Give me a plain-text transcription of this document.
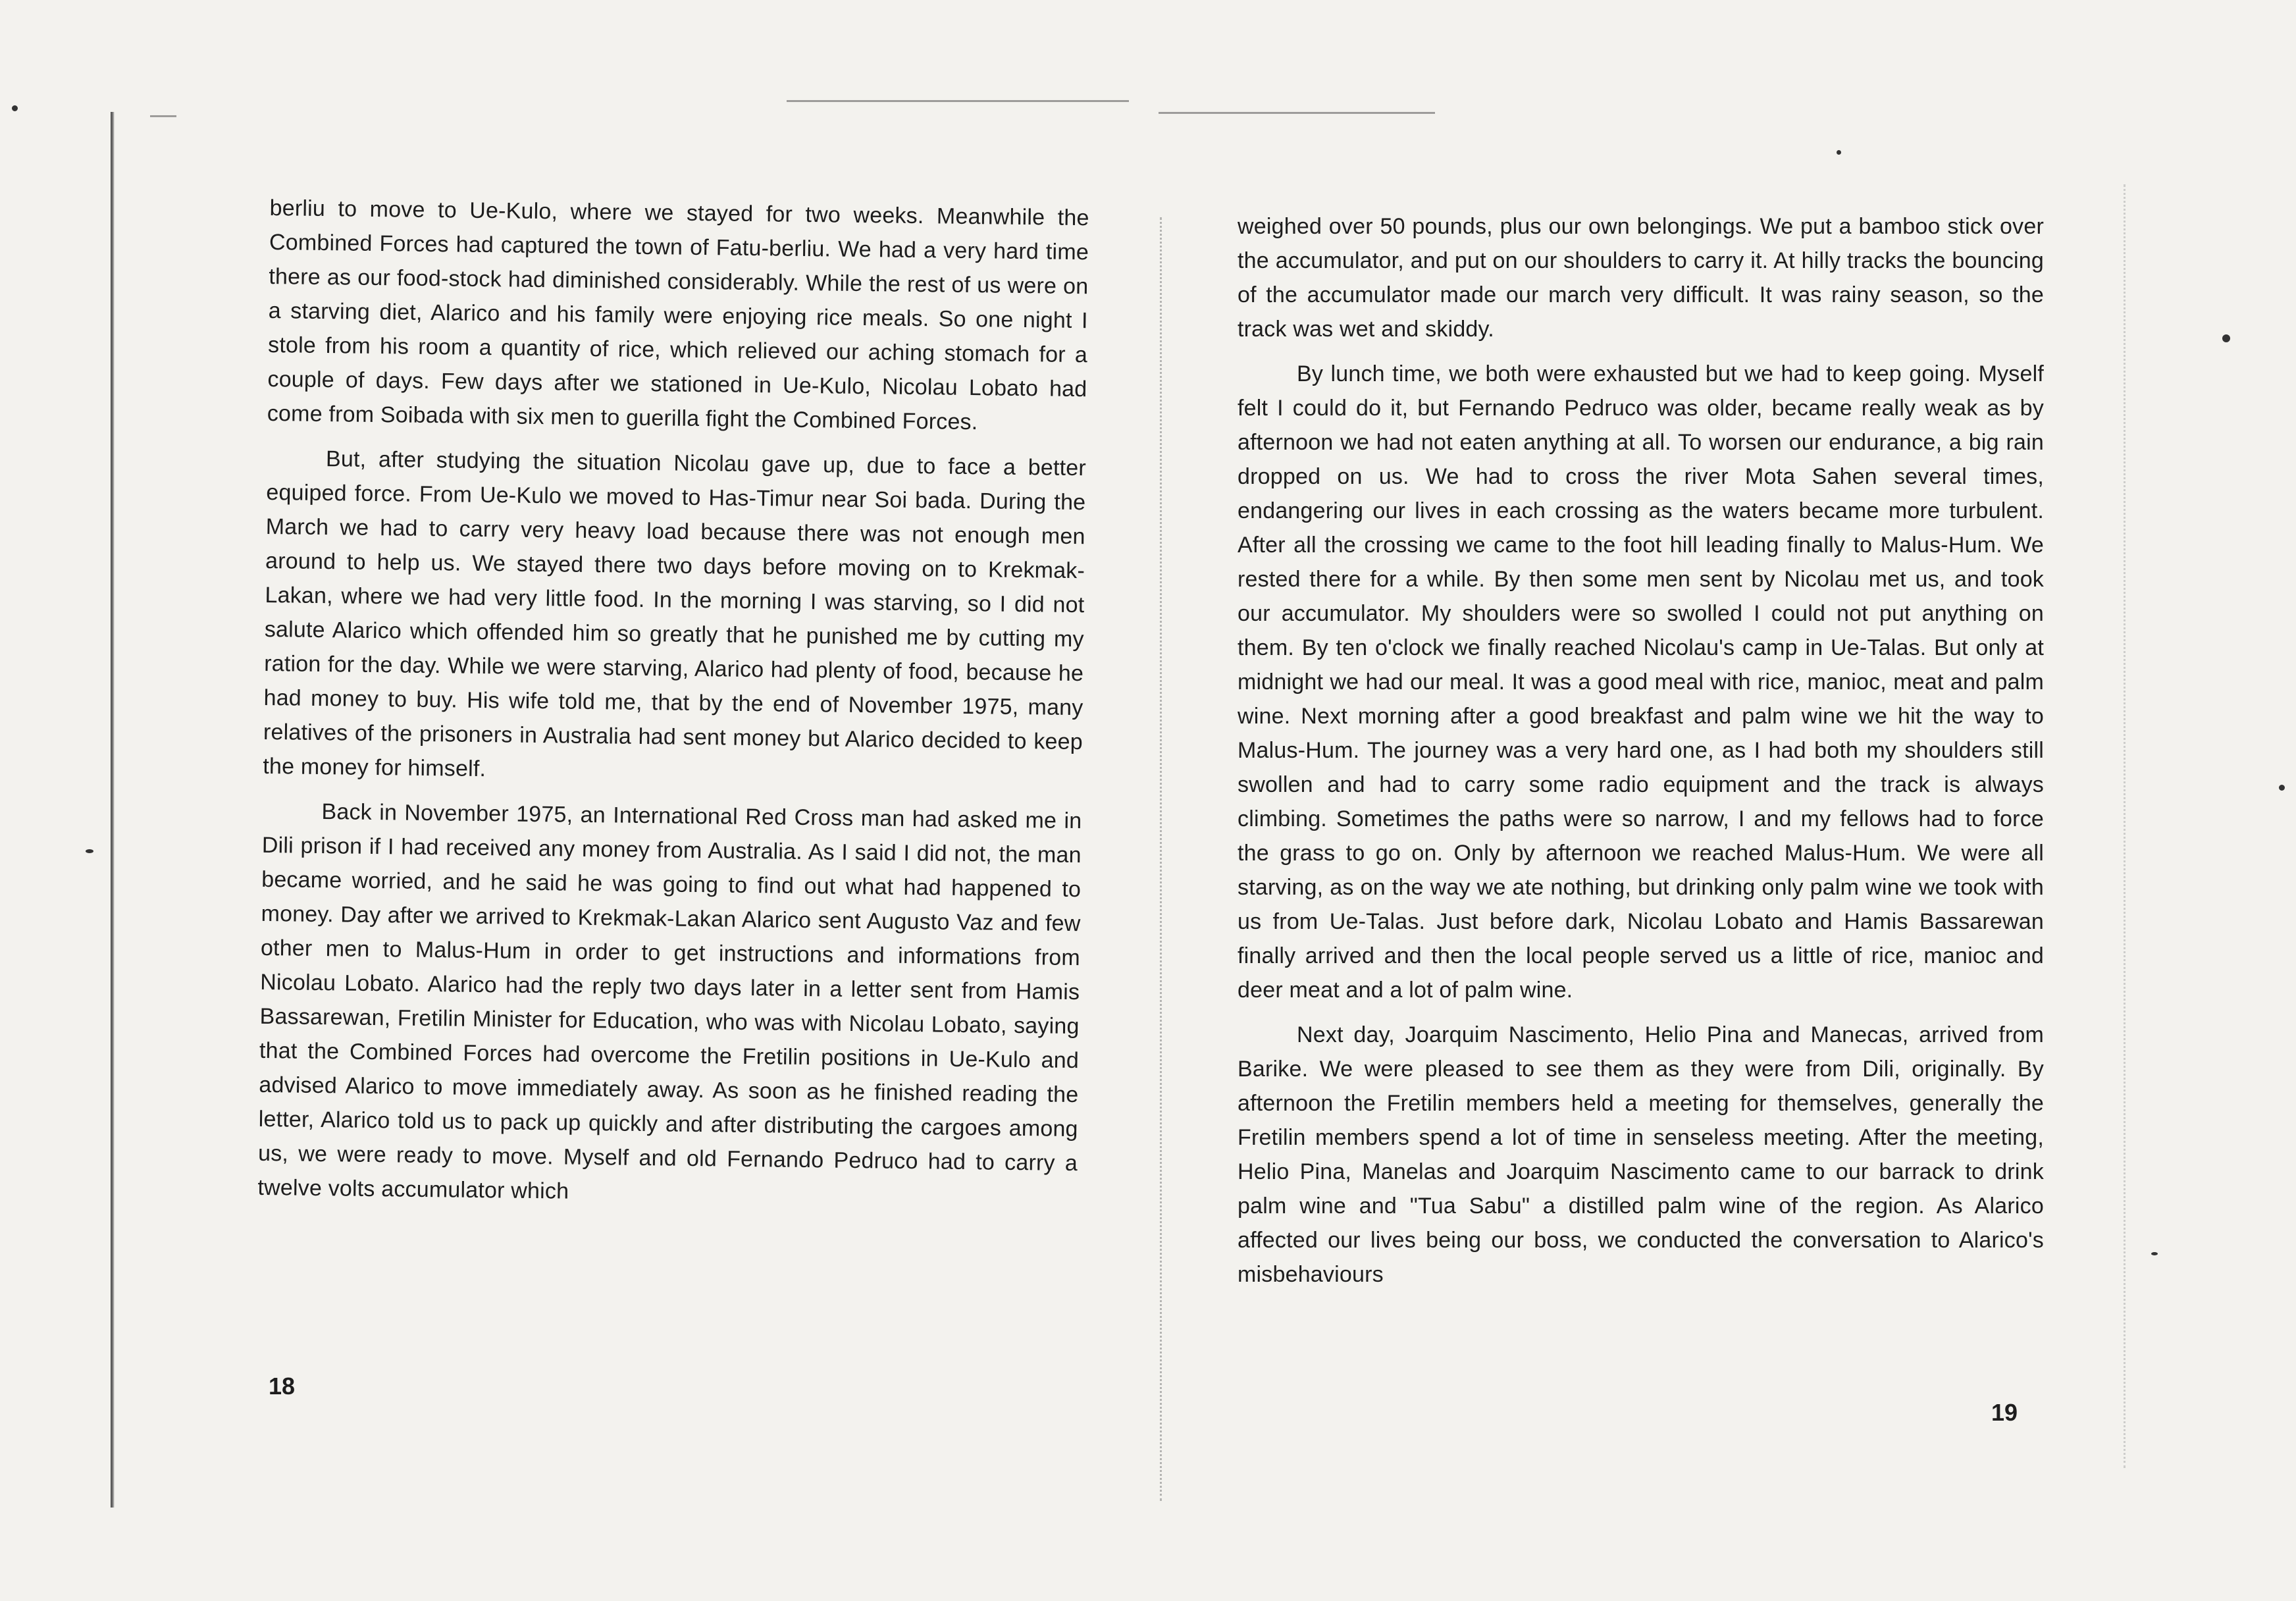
berliu to move to Ue-Kulo, where we stayed for two weeks. Meanwhile the Combined Forces had captured the town of Fatu-berliu. We had a very hard time there as our food-stock had diminished considerably. While the rest of us were on a starving diet, Alarico and his family were enjoying rice meals. So one night I stole from his room a quantity of rice, which relieved our aching stomach for a couple of days. Few days after we stationed in Ue-Kulo, Nicolau Lobato had come from Soibada with six men to guerilla fight the Combined Forces.

But, after studying the situation Nicolau gave up, due to face a better equiped force. From Ue-Kulo we moved to Has-Timur near Soi bada. During the March we had to carry very heavy load because there was not enough men around to help us. We stayed there two days before moving on to Krekmak-Lakan, where we had very little food. In the morning I was starving, so I did not salute Alarico which offended him so greatly that he punished me by cutting my ration for the day. While we were starving, Alarico had plenty of food, because he had money to buy. His wife told me, that by the end of November 1975, many relatives of the prisoners in Australia had sent money but Alarico decided to keep the money for himself.

Back in November 1975, an International Red Cross man had asked me in Dili prison if I had received any money from Australia. As I said I did not, the man became worried, and he said he was going to find out what had happened to money. Day after we arrived to Krekmak-Lakan Alarico sent Augusto Vaz and few other men to Malus-Hum in order to get instructions and informations from Nicolau Lobato. Alarico had the reply two days later in a letter sent from Hamis Bassarewan, Fretilin Minister for Education, who was with Nicolau Lobato, saying that the Combined Forces had overcome the Fretilin positions in Ue-Kulo and advised Alarico to move immediately away. As soon as he finished reading the letter, Alarico told us to pack up quickly and after distributing the cargoes among us, we were ready to move. Myself and old Fernando Pedruco had to carry a twelve volts accumulator which

18

weighed over 50 pounds, plus our own belongings. We put a bamboo stick over the accumulator, and put on our shoulders to carry it. At hilly tracks the bouncing of the accumulator made our march very difficult. It was rainy season, so the track was wet and skiddy.

By lunch time, we both were exhausted but we had to keep going. Myself felt I could do it, but Fernando Pedruco was older, became really weak as by afternoon we had not eaten anything at all. To worsen our endurance, a big rain dropped on us. We had to cross the river Mota Sahen several times, endangering our lives in each crossing as the waters became more turbulent. After all the crossing we came to the foot hill leading finally to Malus-Hum. We rested there for a while. By then some men sent by Nicolau met us, and took our accumulator. My shoulders were so swolled I could not put anything on them. By ten o'clock we finally reached Nicolau's camp in Ue-Talas. But only at midnight we had our meal. It was a good meal with rice, manioc, meat and palm wine. Next morning after a good breakfast and palm wine we hit the way to Malus-Hum. The journey was a very hard one, as I had both my shoulders still swollen and had to carry some radio equipment and the track is always climbing. Sometimes the paths were so narrow, I and my fellows had to force the grass to go on. Only by afternoon we reached Malus-Hum. We were all starving, as on the way we ate nothing, but drinking only palm wine we took with us from Ue-Talas. Just before dark, Nicolau Lobato and Hamis Bassarewan finally arrived and then the local people served us a little of rice, manioc and deer meat and a lot of palm wine.

Next day, Joarquim Nascimento, Helio Pina and Manecas, arrived from Barike. We were pleased to see them as they were from Dili, originally. By afternoon the Fretilin members held a meeting for themselves, generally the Fretilin members spend a lot of time in senseless meeting. After the meeting, Helio Pina, Manelas and Joarquim Nascimento came to our barrack to drink palm wine and "Tua Sabu" a distilled palm wine of the region. As Alarico affected our lives being our boss, we conducted the conversation to Alarico's misbehaviours

19
